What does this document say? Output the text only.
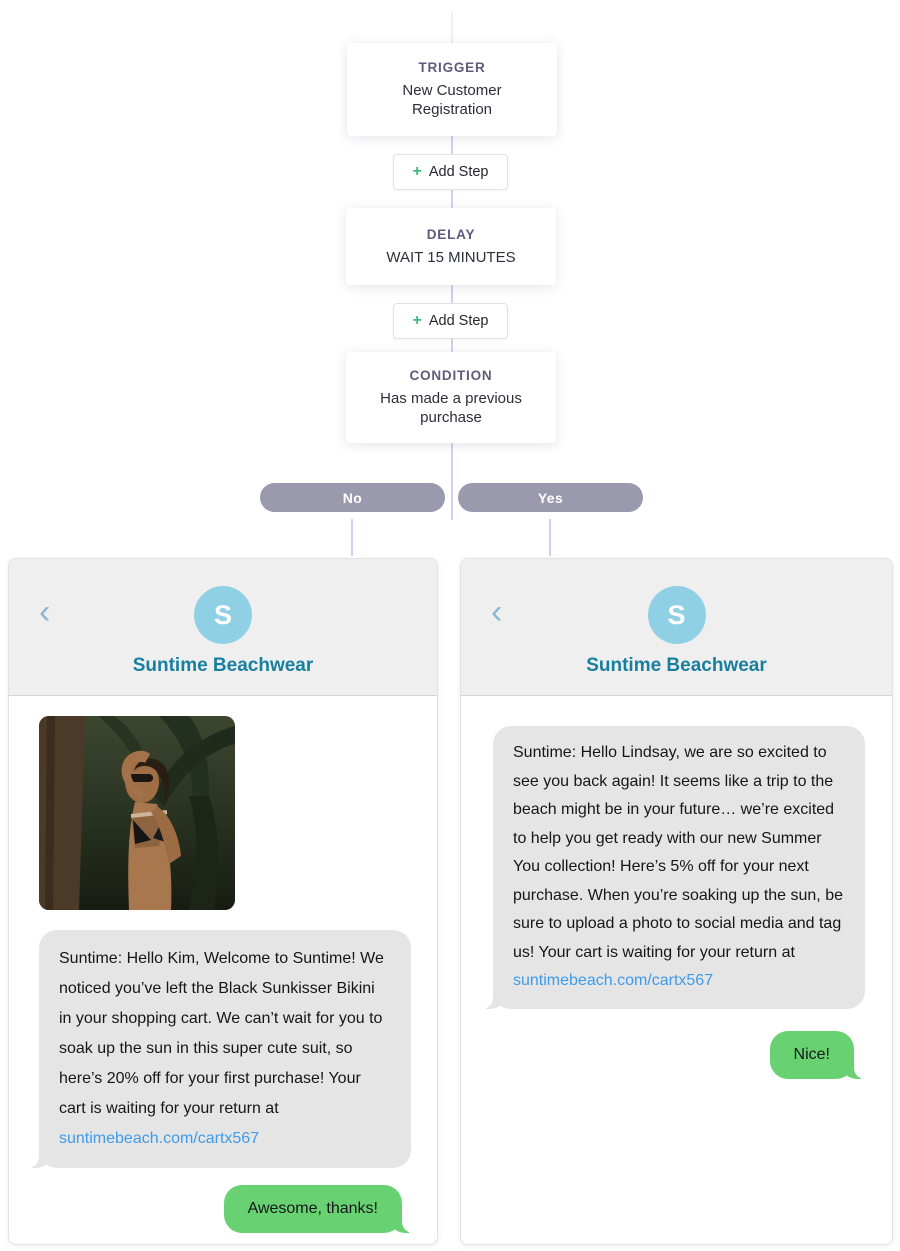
TRIGGER
New Customer Registration
+ Add Step
DELAY
WAIT 15 MINUTES
+ Add Step
CONDITION
Has made a previous purchase
No	Yes
‹	S
Suntime Beachwear
Suntime: Hello Kim, Welcome to Suntime! We noticed you’ve left the Black Sunkisser Bikini in your shopping cart. We can’t wait for you to soak up the sun in this super cute suit, so here’s 20% off for your first purchase! Your cart is waiting for your return at suntimebeach.com/cartx567
Awesome, thanks!
‹	S
Suntime Beachwear
Suntime: Hello Lindsay, we are so excited to see you back again! It seems like a trip to the beach might be in your future… we’re excited to help you get ready with our new Summer You collection! Here’s 5% off for your next purchase. When you’re soaking up the sun, be sure to upload a photo to social media and tag us! Your cart is waiting for your return at suntimebeach.com/cartx567
Nice!
